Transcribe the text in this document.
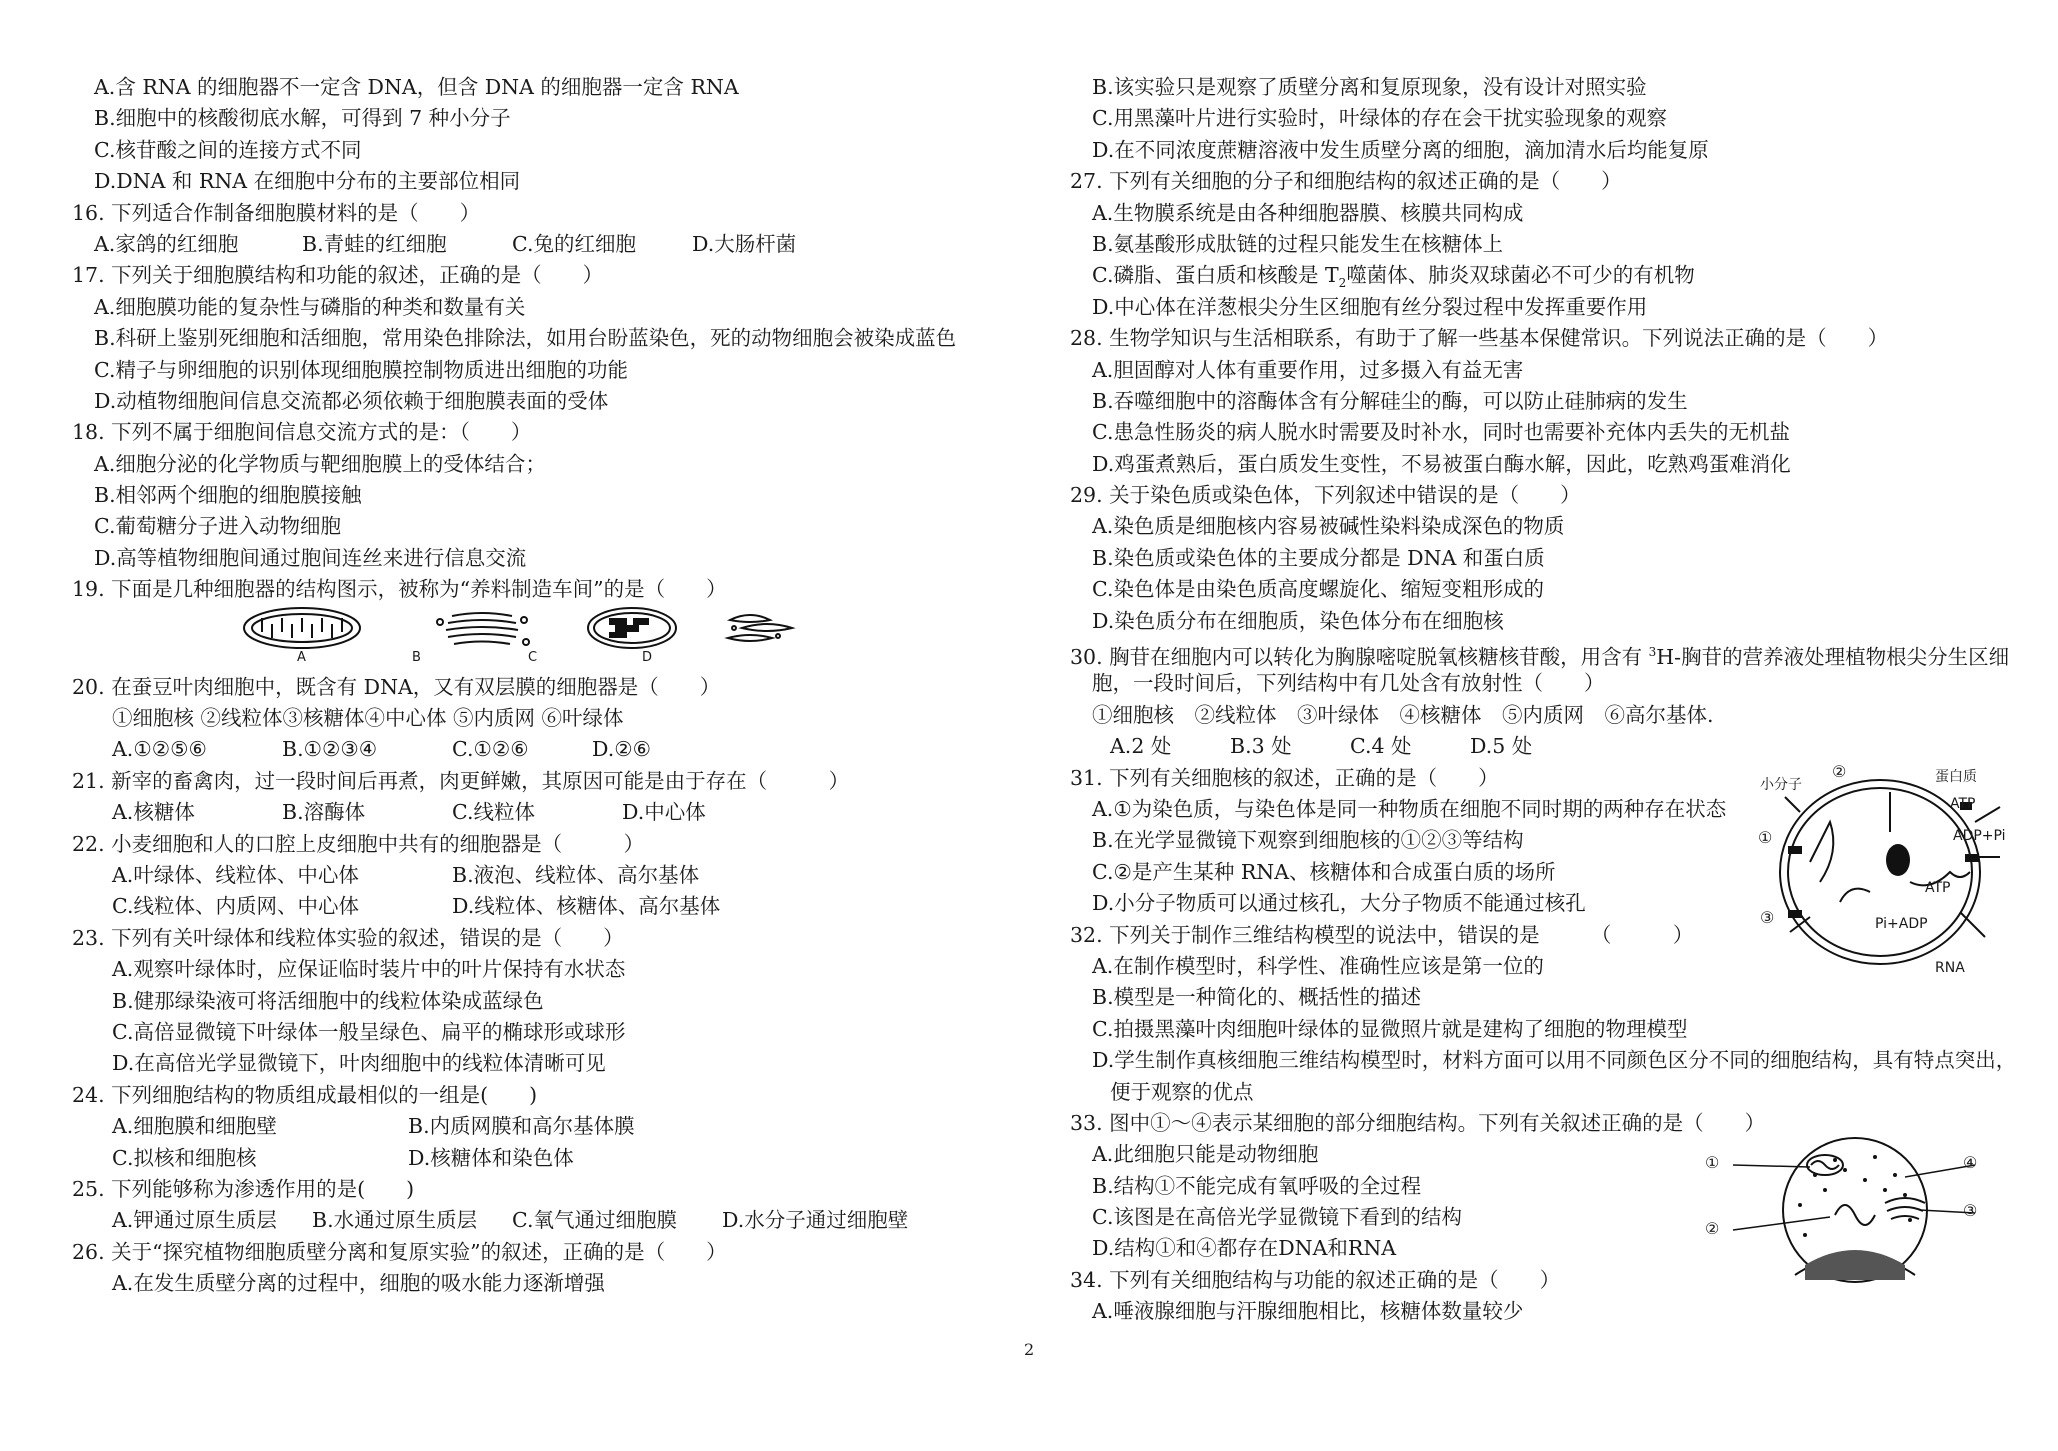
A.含 RNA 的细胞器不一定含 DNA，但含 DNA 的细胞器一定含 RNA
B.细胞中的核酸彻底水解，可得到 7 种小分子
C.核苷酸之间的连接方式不同
D.DNA 和 RNA 在细胞中分布的主要部位相同
16. 下列适合作制备细胞膜材料的是（　　）
A.家鸽的红细胞	B.青蛙的红细胞	C.兔的红细胞	D.大肠杆菌
17. 下列关于细胞膜结构和功能的叙述，正确的是（　　）
A.细胞膜功能的复杂性与磷脂的种类和数量有关
B.科研上鉴别死细胞和活细胞，常用染色排除法，如用台盼蓝染色，死的动物细胞会被染成蓝色
C.精子与卵细胞的识别体现细胞膜控制物质进出细胞的功能
D.动植物细胞间信息交流都必须依赖于细胞膜表面的受体
18. 下列不属于细胞间信息交流方式的是：（　　）
A.细胞分泌的化学物质与靶细胞膜上的受体结合；
B.相邻两个细胞的细胞膜接触
C.葡萄糖分子进入动物细胞
D.高等植物细胞间通过胞间连丝来进行信息交流
19. 下面是几种细胞器的结构图示，被称为“养料制造车间”的是（　　）
A	B	C	D
20. 在蚕豆叶肉细胞中，既含有 DNA，又有双层膜的细胞器是（　　）
①细胞核 ②线粒体③核糖体④中心体 ⑤内质网 ⑥叶绿体
A.①②⑤⑥	B.①②③④	C.①②⑥	D.②⑥
21. 新宰的畜禽肉，过一段时间后再煮，肉更鲜嫩，其原因可能是由于存在（　　　）
A.核糖体	B.溶酶体	C.线粒体	D.中心体
22. 小麦细胞和人的口腔上皮细胞中共有的细胞器是（　　　）
A.叶绿体、线粒体、中心体	B.液泡、线粒体、高尔基体
C.线粒体、内质网、中心体	D.线粒体、核糖体、高尔基体
23. 下列有关叶绿体和线粒体实验的叙述，错误的是（　　）
A.观察叶绿体时，应保证临时装片中的叶片保持有水状态
B.健那绿染液可将活细胞中的线粒体染成蓝绿色
C.高倍显微镜下叶绿体一般呈绿色、扁平的椭球形或球形
D.在高倍光学显微镜下，叶肉细胞中的线粒体清晰可见
24. 下列细胞结构的物质组成最相似的一组是(　　)
A.细胞膜和细胞壁	B.内质网膜和高尔基体膜
C.拟核和细胞核	D.核糖体和染色体
25. 下列能够称为渗透作用的是(　　)
A.钾通过原生质层	B.水通过原生质层	C.氧气通过细胞膜	D.水分子通过细胞壁
26. 关于“探究植物细胞质壁分离和复原实验”的叙述，正确的是（　　）
A.在发生质壁分离的过程中，细胞的吸水能力逐渐增强
B.该实验只是观察了质壁分离和复原现象，没有设计对照实验
C.用黑藻叶片进行实验时，叶绿体的存在会干扰实验现象的观察
D.在不同浓度蔗糖溶液中发生质壁分离的细胞，滴加清水后均能复原
27. 下列有关细胞的分子和细胞结构的叙述正确的是（　　）
A.生物膜系统是由各种细胞器膜、核膜共同构成
B.氨基酸形成肽链的过程只能发生在核糖体上
C.磷脂、蛋白质和核酸是 $T_2$噬菌体、肺炎双球菌必不可少的有机物
D.中心体在洋葱根尖分生区细胞有丝分裂过程中发挥重要作用
28. 生物学知识与生活相联系，有助于了解一些基本保健常识。下列说法正确的是（　　）
A.胆固醇对人体有重要作用，过多摄入有益无害
B.吞噬细胞中的溶酶体含有分解硅尘的酶，可以防止硅肺病的发生
C.患急性肠炎的病人脱水时需要及时补水，同时也需要补充体内丢失的无机盐
D.鸡蛋煮熟后，蛋白质发生变性，不易被蛋白酶水解，因此，吃熟鸡蛋难消化
29. 关于染色质或染色体，下列叙述中错误的是（　　）
A.染色质是细胞核内容易被碱性染料染成深色的物质
B.染色质或染色体的主要成分都是 DNA 和蛋白质
C.染色体是由染色质高度螺旋化、缩短变粗形成的
D.染色质分布在细胞质，染色体分布在细胞核
30. 胸苷在细胞内可以转化为胸腺嘧啶脱氧核糖核苷酸，用含有 $^3$H-胸苷的营养液处理植物根尖分生区细
胞，一段时间后，下列结构中有几处含有放射性（　　）
①细胞核　②线粒体　③叶绿体　④核糖体　⑤内质网　⑥高尔基体.
A.2 处	B.3 处	C.4 处	D.5 处
31. 下列有关细胞核的叙述，正确的是（　　）
A.①为染色质，与染色体是同一种物质在细胞不同时期的两种存在状态
B.在光学显微镜下观察到细胞核的①②③等结构
C.②是产生某种 RNA、核糖体和合成蛋白质的场所
D.小分子物质可以通过核孔，大分子物质不能通过核孔
32. 下列关于制作三维结构模型的说法中，错误的是　　　（　　　）
A.在制作模型时，科学性、准确性应该是第一位的
B.模型是一种简化的、概括性的描述
C.拍摄黑藻叶肉细胞叶绿体的显微照片就是建构了细胞的物理模型
D.学生制作真核细胞三维结构模型时，材料方面可以用不同颜色区分不同的细胞结构，具有特点突出，
便于观察的优点
33. 图中①～④表示某细胞的部分细胞结构。下列有关叙述正确的是（　　）
A.此细胞只能是动物细胞
B.结构①不能完成有氧呼吸的全过程
C.该图是在高倍光学显微镜下看到的结构
D.结构①和④都存在DNA和RNA
34. 下列有关细胞结构与功能的叙述正确的是（　　）
A.唾液腺细胞与汗腺细胞相比，核糖体数量较少
小分子
②	蛋白质
ATP
ADP+Pi
①
ATP
Pi+ADP
③
RNA
①
②
③
④
2
